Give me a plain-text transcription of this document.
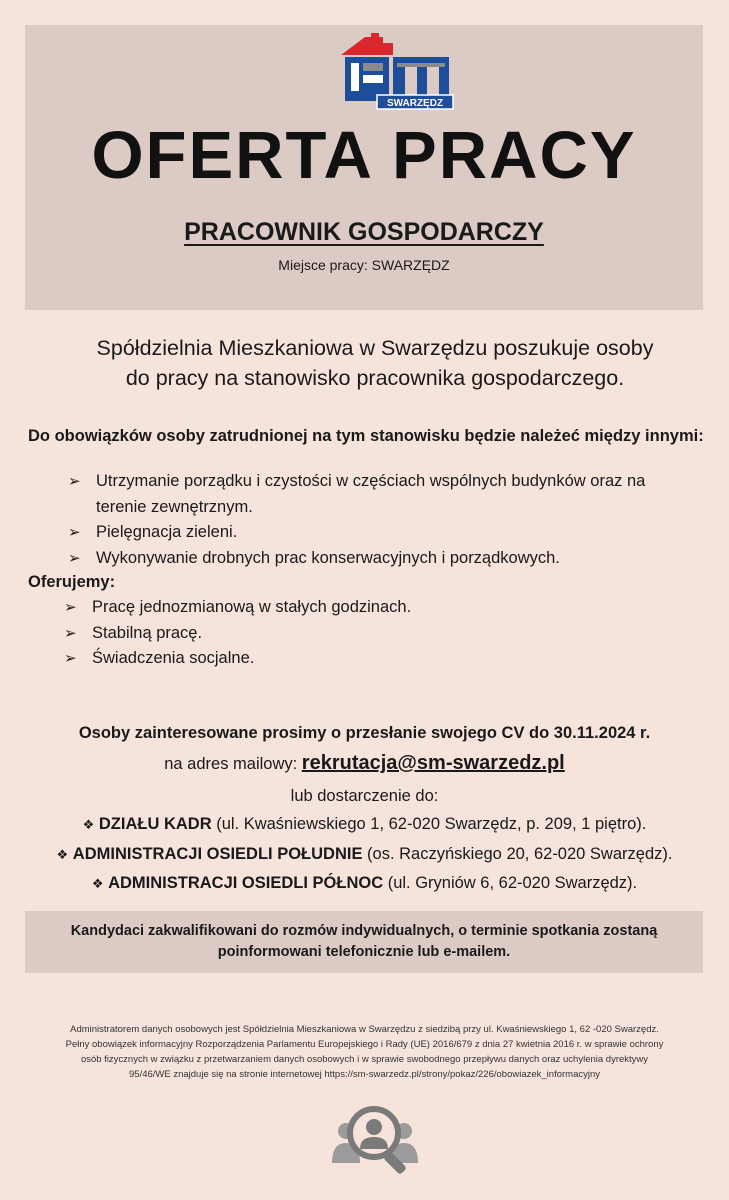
SWARZĘDZ
OFERTA PRACY
PRACOWNIK GOSPODARCZY
Miejsce pracy: SWARZĘDZ
Spółdzielnia Mieszkaniowa w Swarzędzu poszukuje osoby
do pracy na stanowisko pracownika gospodarczego.
Do obowiązków osoby zatrudnionej na tym stanowisku będzie należeć między innymi:
➢ Utrzymanie porządku i czystości w częściach wspólnych budynków oraz na terenie zewnętrznym.
➢ Pielęgnacja zieleni.
➢ Wykonywanie drobnych prac konserwacyjnych i porządkowych.
Oferujemy:
➢ Pracę jednozmianową w stałych godzinach.
➢ Stabilną pracę.
➢ Świadczenia socjalne.
Osoby zainteresowane prosimy o przesłanie swojego CV do 30.11.2024 r.
na adres mailowy: rekrutacja@sm-swarzedz.pl
lub dostarczenie do:
❖ DZIAŁU KADR (ul. Kwaśniewskiego 1, 62-020 Swarzędz, p. 209, 1 piętro).
❖ ADMINISTRACJI OSIEDLI POŁUDNIE (os. Raczyńskiego 20, 62-020 Swarzędz).
❖ ADMINISTRACJI OSIEDLI PÓŁNOC (ul. Gryniów 6, 62-020 Swarzędz).
Kandydaci zakwalifikowani do rozmów indywidualnych, o terminie spotkania zostaną
poinformowani telefonicznie lub e-mailem.
Administratorem danych osobowych jest Spółdzielnia Mieszkaniowa w Swarzędzu z siedzibą przy ul. Kwaśniewskiego 1, 62 -020 Swarzędz.
Pełny obowiązek informacyjny Rozporządzenia Parlamentu Europejskiego i Rady (UE) 2016/679 z dnia 27 kwietnia 2016 r. w sprawie ochrony
osób fizycznych w związku z przetwarzaniem danych osobowych i w sprawie swobodnego przepływu danych oraz uchylenia dyrektywy
95/46/WE znajduje się na stronie internetowej https://sm-swarzedz.pl/strony/pokaz/226/obowiazek_informacyjny
